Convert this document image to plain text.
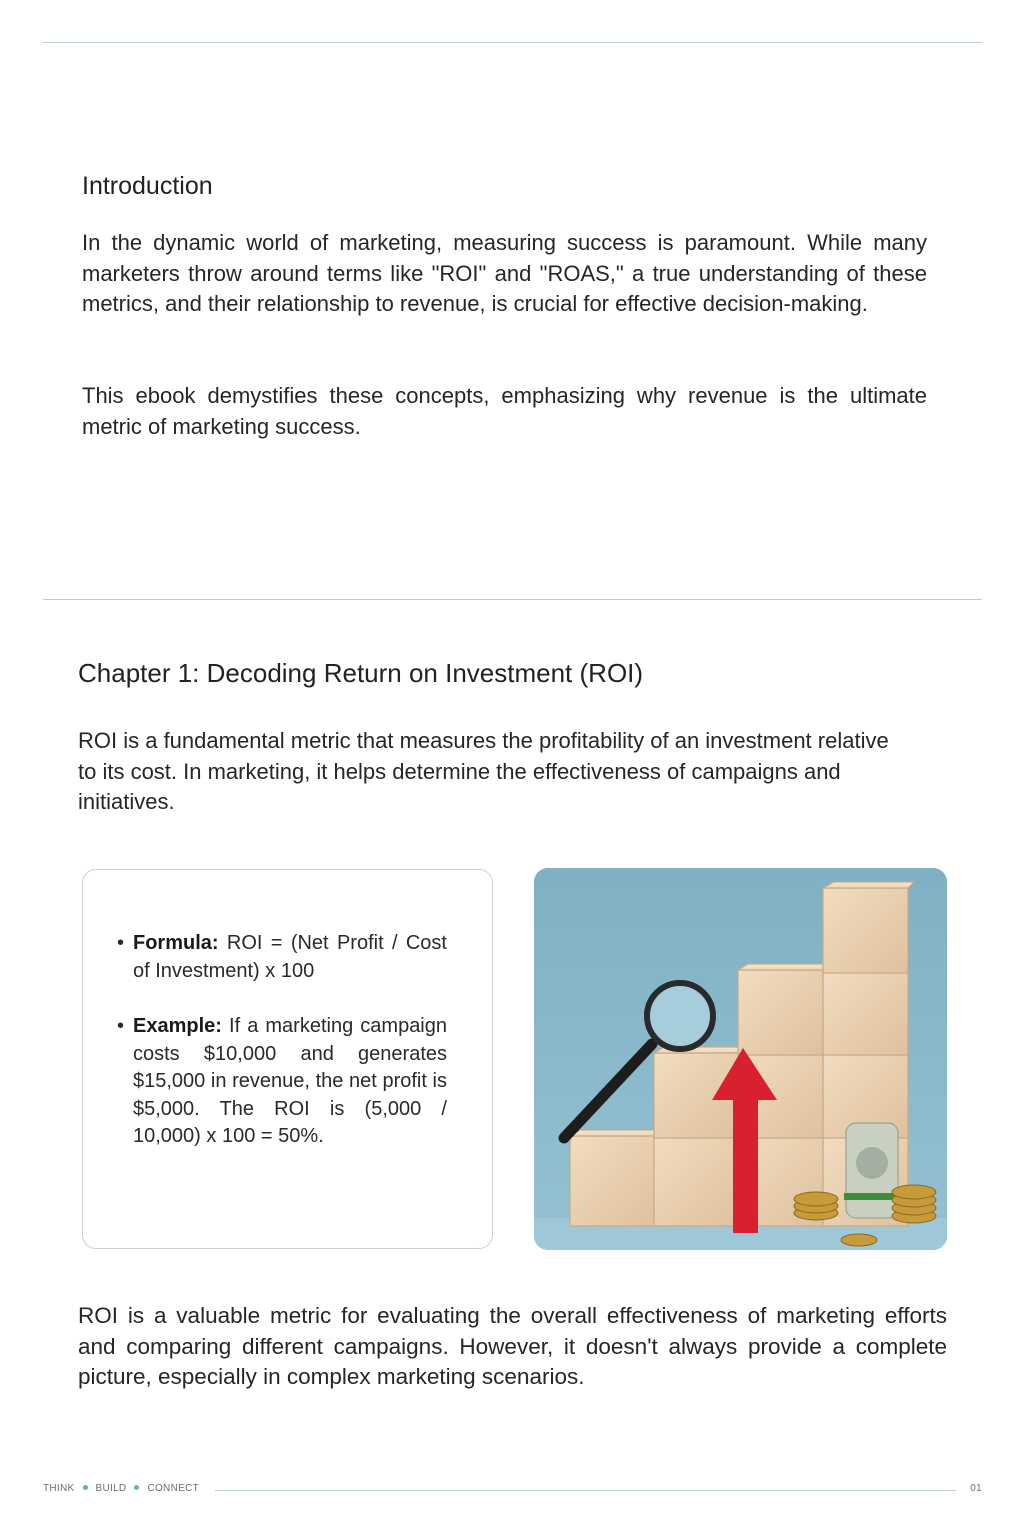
Introduction

In the dynamic world of marketing, measuring success is paramount. While many marketers throw around terms like "ROI" and "ROAS," a true understanding of these metrics, and their relationship to revenue, is crucial for effective decision-making.

This ebook demystifies these concepts, emphasizing why revenue is the ultimate metric of marketing success.

Chapter 1: Decoding Return on Investment (ROI)

ROI is a fundamental metric that measures the profitability of an investment relative to its cost. In marketing, it helps determine the effectiveness of campaigns and initiatives.

• Formula: ROI = (Net Profit / Cost of Investment) x 100
• Example: If a marketing campaign costs $10,000 and generates $15,000 in revenue, the net profit is $5,000. The ROI is (5,000 / 10,000) x 100 = 50%.

ROI is a valuable metric for evaluating the overall effectiveness of marketing efforts and comparing different campaigns. However, it doesn't always provide a complete picture, especially in complex marketing scenarios.

THINK BUILD CONNECT	01
